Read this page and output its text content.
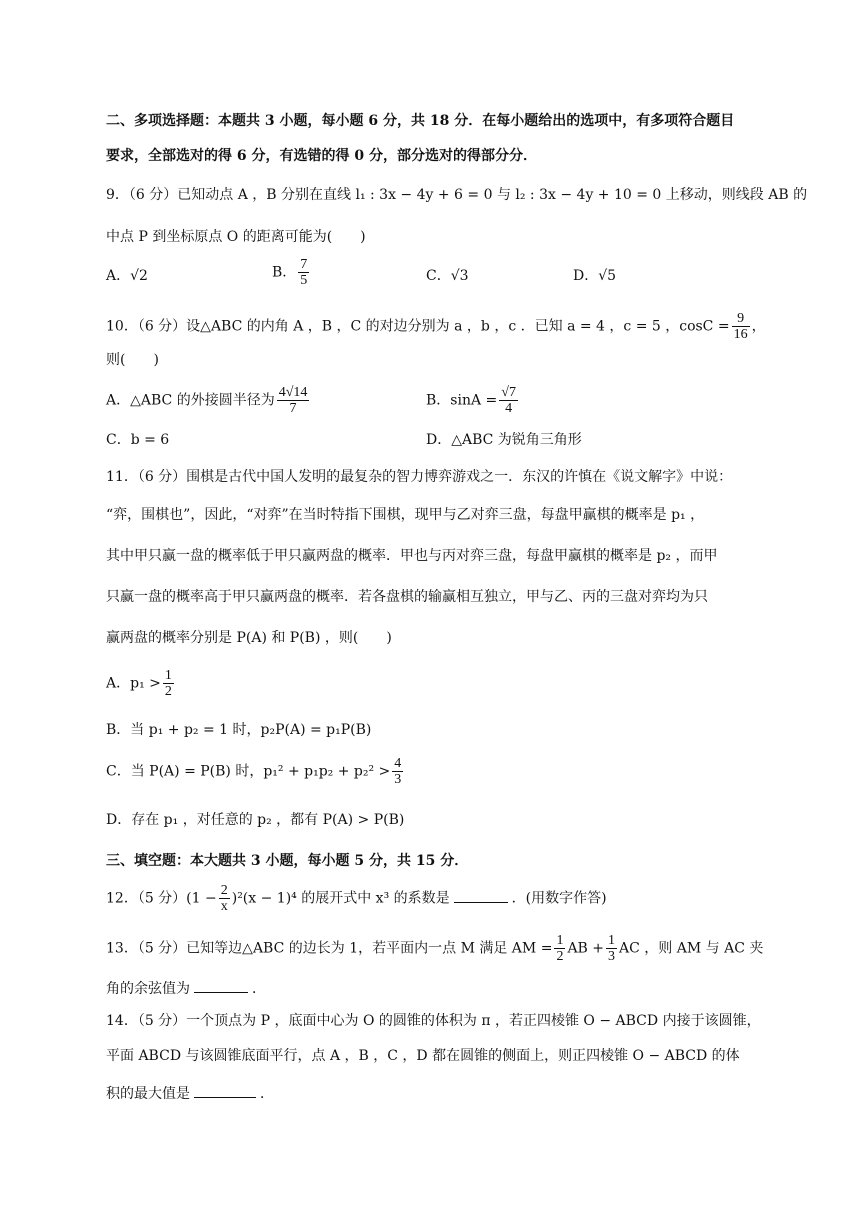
二、多项选择题：本题共 3 小题，每小题 6 分，共 18 分．在每小题给出的选项中，有多项符合题目
要求，全部选对的得 6 分，有选错的得 0 分，部分选对的得部分分．
9．（6 分）已知动点 A ，B 分别在直线 l₁ : 3x − 4y + 6 = 0 与 l₂ : 3x − 4y + 10 = 0 上移动，则线段 AB 的
中点 P 到坐标原点 O 的距离可能为(　　)
A．√2	B． $\frac{7}{5}$	C．√3	D．√5
10．（6 分）设△ABC 的内角 A ，B ，C 的对边分别为 a ，b ，c ．已知 a = 4 ，c = 5 ，$\cos C = \frac{9}{16}$ ，
则(　　)
A．△ABC 的外接圆半径为 $\frac{4√14}{7}$	B．$\sin A = \frac{√7}{4}$
C．b = 6	D．△ABC 为锐角三角形
11．（6 分）围棋是古代中国人发明的最复杂的智力博弈游戏之一．东汉的许慎在《说文解字》中说：
“弈，围棋也”，因此，“对弈”在当时特指下围棋，现甲与乙对弈三盘，每盘甲赢棋的概率是 p₁ ，
其中甲只赢一盘的概率低于甲只赢两盘的概率．甲也与丙对弈三盘，每盘甲赢棋的概率是 p₂ ，而甲
只赢一盘的概率高于甲只赢两盘的概率．若各盘棋的输赢相互独立，甲与乙、丙的三盘对弈均为只
赢两盘的概率分别是 P(A) 和 P(B) ，则(　　)
A．$p_1 > \frac{1}{2}$
B．当 p₁ + p₂ = 1 时，p₂P(A) = p₁P(B)
C．当 P(A) = P(B) 时，$p_1^2 + p_1p_2 + p_2^2 > \frac{4}{3}$
D．存在 p₁ ，对任意的 p₂ ，都有 P(A) > P(B)
三、填空题：本大题共 3 小题，每小题 5 分，共 15 分．
12．（5 分）$(1 - \frac{2}{x} )^2(x - 1)^4$ 的展开式中 x³ 的系数是	．(用数字作答)
13．（5 分）已知等边△ABC 的边长为 1，若平面内一点 M 满足 AM = $\frac{1}{2}$ AB + $\frac{1}{3}$ AC ，则 AM 与 AC 夹
角的余弦值为	．
14．（5 分）一个顶点为 P ，底面中心为 O 的圆锥的体积为 π ，若正四棱锥 O − ABCD 内接于该圆锥，
平面 ABCD 与该圆锥底面平行，点 A ，B ，C ，D 都在圆锥的侧面上，则正四棱锥 O − ABCD 的体
积的最大值是	．
